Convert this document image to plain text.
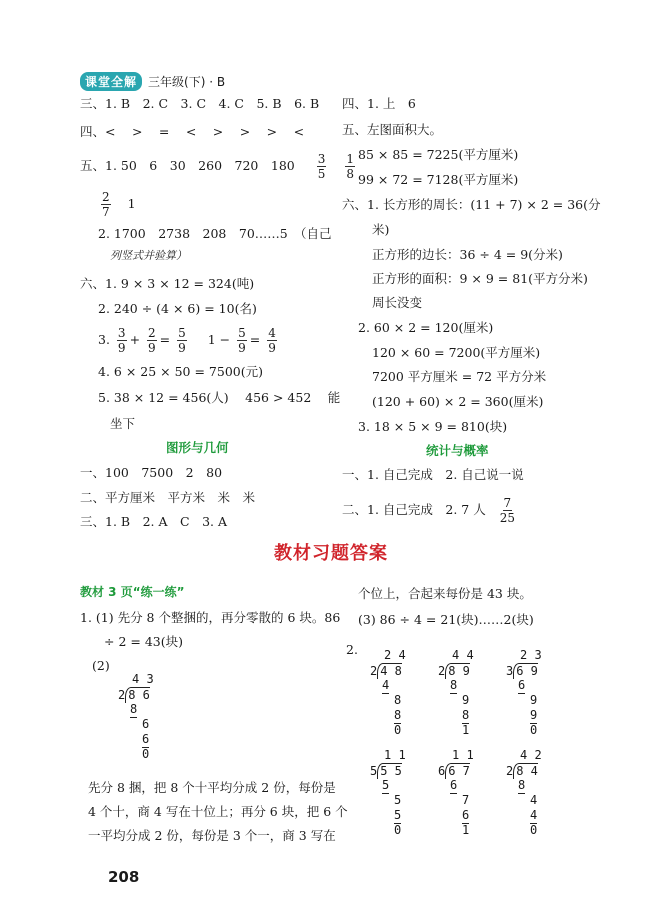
课堂全解 三年级(下) · B
三、1. B　2. C　3. C　4. C　5. B　6. B
四、<　 >　 =　 <　 >　 >　 >　 <
五、1. 50　6　30　260　720　$180 \frac{3}{5}$
$\frac{1}{8}$
$\frac{2}{7} 1$
2. 1700　2738　208　70……5　（自己
列竖式并验算）
六、1. 9 × 3 × 12 = 324(吨)
2. 240 ÷ (4 × 6) = 10(名)
3. $\frac{3}{9} + \frac{2}{9} = \frac{5}{9} 1 - \frac{5}{9} = \frac{4}{9}$
4. 6 × 25 × 50 = 7500(元)
5. 38 × 12 = 456(人)　 456 > 452　 能
坐下
图形与几何
一、100　7500　2　80
二、平方厘米　平方米　米　米
三、1. B　2. A　C　3. A
四、1. 上　6
五、左图面积大。
85 × 85 = 7225(平方厘米)
99 × 72 = 7128(平方厘米)
六、1. 长方形的周长：(11 + 7) × 2 = 36(分
米)
正方形的边长：36 ÷ 4 = 9(分米)
正方形的面积：9 × 9 = 81(平方分米)
周长没变
2. 60 × 2 = 120(厘米)
120 × 60 = 7200(平方厘米)
7200 平方厘米 = 72 平方分米
(120 + 60) × 2 = 360(厘米)
3. 18 × 5 × 9 = 810(块)
统计与概率
一、1. 自己完成　2. 自己说一说
二、1. 自己完成　2. 7 人 $\frac{7}{25}$
教材习题答案
教材 3 页“练一练”
1. (1) 先分 8 个整捆的，再分零散的 6 块。86
÷ 2 = 43(块)
(2)
4 3
2 8 6
8
6
6
0
先分 8 捆，把 8 个十平均分成 2 份，每份是
4 个十，商 4 写在十位上；再分 6 块，把 6 个
一平均分成 2 份，每份是 3 个一，商 3 写在
个位上，合起来每份是 43 块。
(3) 86 ÷ 4 = 21(块)……2(块)
2.	2 4
2 4 8
4
8
8
0
4 4
2 8 9
8
9
8
1
2 3
3 6 9
6
9
9
0
1 1
5 5 5
5
5
5
0
1 1
6 6 7
6
7
6
1
4 2
2 8 4
8
4
4
0
208
